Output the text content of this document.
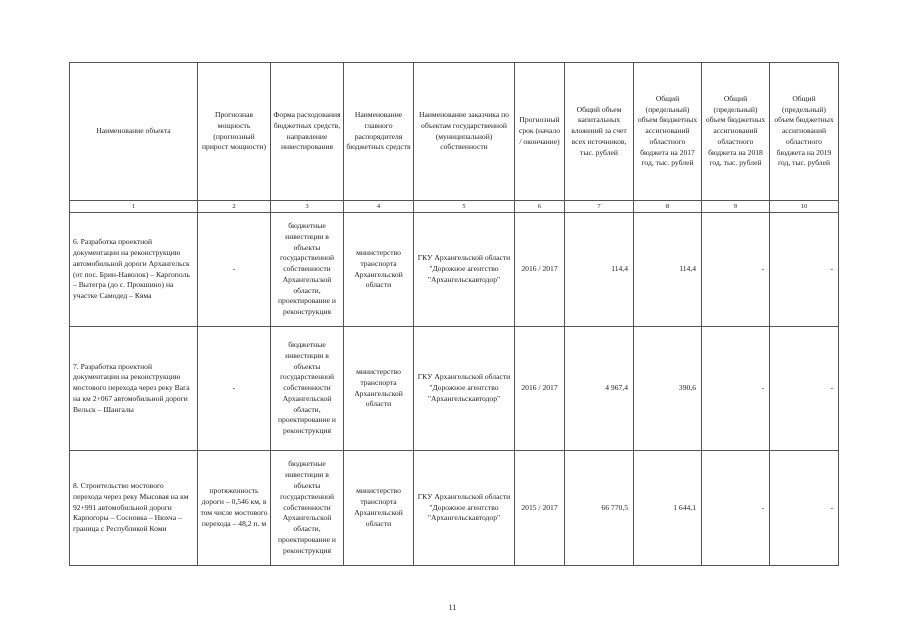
Наименование объекта	Прогнозная мощность (прогнозный прирост мощности)	Форма расходования бюджетных средств, направление инвестирования	Наименование главного распорядителя бюджетных средств	Наименование заказчика по объектам государственной (муниципальной) собственности	Прогнозный срок (начало / окончание)	Общий объем капитальных вложений за счет всех источников, тыс. рублей	Общий (предельный) объем бюджетных ассигнований областного бюджета на 2017 год, тыс. рублей	Общий (предельный) объем бюджетных ассигнований областного бюджета на 2018 год, тыс. рублей	Общий (предельный) объем бюджетных ассигнований областного бюджета на 2019 год, тыс. рублей
1	2	3	4	5	6	7	8	9	10
6. Разработка проектной документации на реконструкцию автомобильной дороги Архангельск (от пос. Брин-Наволок) – Каргополь – Вытегра (до с. Прокшино) на участке Самодед – Кяма	-	бюджетные инвестиции в объекты государственной собственности Архангельской области, проектирование и реконструкция	министерство транспорта Архангельской области	ГКУ Архангельской области "Дорожное агентство "Архангельскавтодор"	2016 / 2017	114,4	114,4	-	-
7. Разработка проектной документации на реконструкцию мостового перехода через реку Вага на км 2+067 автомобильной дороги Вельск – Шангалы	-	бюджетные инвестиции в объекты государственной собственности Архангельской области, проектирование и реконструкция	министерство транспорта Архангельской области	ГКУ Архангельской области "Дорожное агентство "Архангельскавтодор"	2016 / 2017	4 967,4	390,6	-	-
8. Строительство мостового перехода через реку Мысовая на км 92+991 автомобильной дороги Карпогоры – Сосновка – Нюхча – граница с Республикой Коми	протяженность дороги – 0,546 км, в том числе мостового перехода – 48,2 п. м	бюджетные инвестиции в объекты государственной собственности Архангельской области, проектирование и реконструкция	министерство транспорта Архангельской области	ГКУ Архангельской области "Дорожное агентство "Архангельскавтодор"	2015 / 2017	66 770,5	1 644,1	-	-
11
